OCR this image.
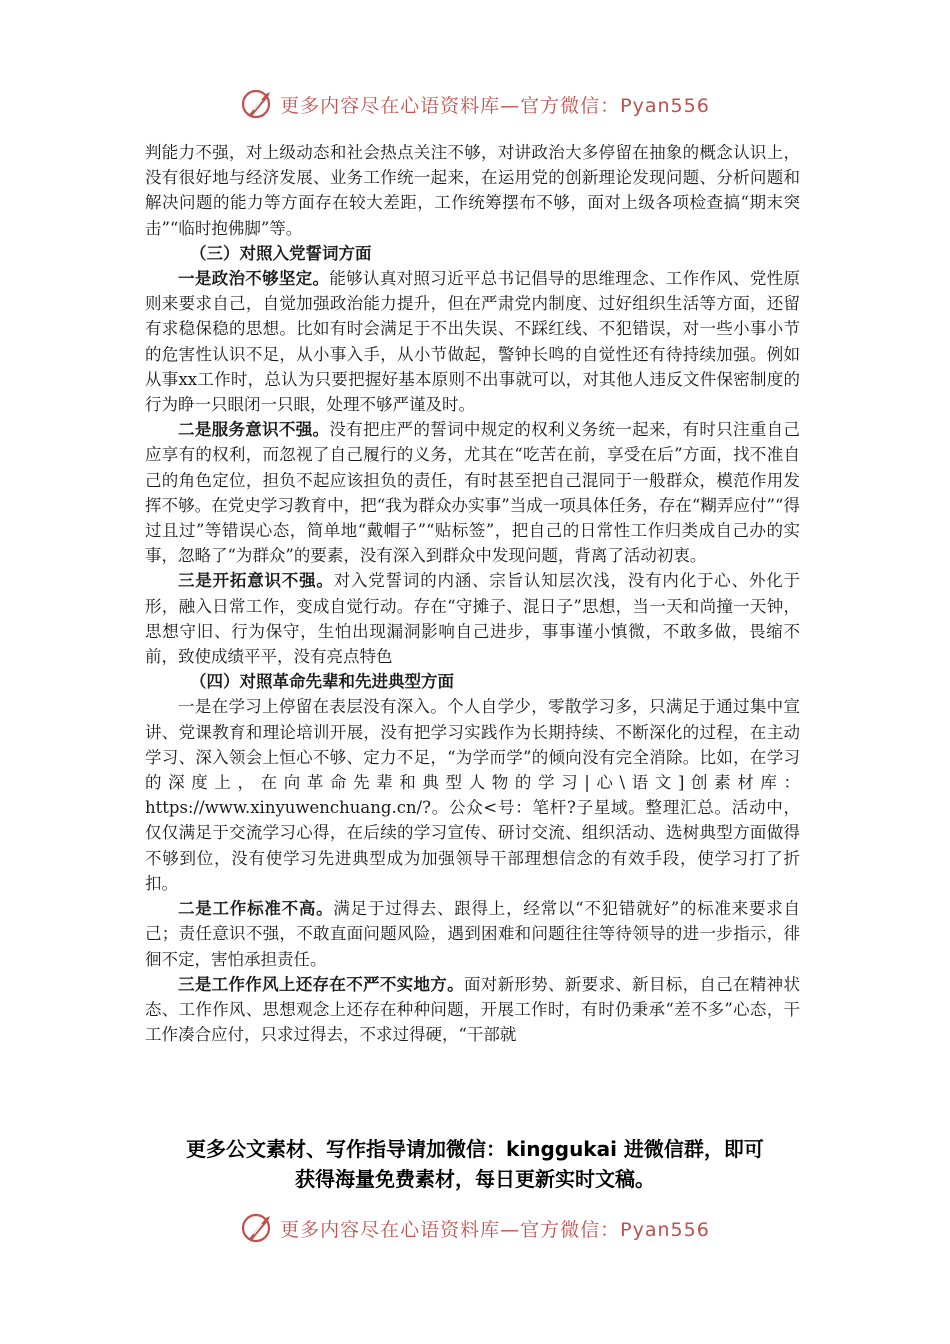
更多内容尽在心语资料库—官方微信：Pyan556

判能力不强，对上级动态和社会热点关注不够，对讲政治大多停留在抽象的概念认识上，没有很好地与经济发展、业务工作统一起来，在运用党的创新理论发现问题、分析问题和解决问题的能力等方面存在较大差距，工作统筹摆布不够，面对上级各项检查搞“期末突击”“临时抱佛脚”等。

（三）对照入党誓词方面

一是政治不够坚定。能够认真对照习近平总书记倡导的思维理念、工作作风、党性原则来要求自己，自觉加强政治能力提升，但在严肃党内制度、过好组织生活等方面，还留有求稳保稳的思想。比如有时会满足于不出失误、不踩红线、不犯错误，对一些小事小节的危害性认识不足，从小事入手，从小节做起，警钟长鸣的自觉性还有待持续加强。例如从事xx工作时，总认为只要把握好基本原则不出事就可以，对其他人违反文件保密制度的行为睁一只眼闭一只眼，处理不够严谨及时。

二是服务意识不强。没有把庄严的誓词中规定的权利义务统一起来，有时只注重自己应享有的权利，而忽视了自己履行的义务，尤其在“吃苦在前，享受在后”方面，找不准自己的角色定位，担负不起应该担负的责任，有时甚至把自己混同于一般群众，模范作用发挥不够。在党史学习教育中，把“我为群众办实事”当成一项具体任务，存在“糊弄应付”“得过且过”等错误心态，简单地“戴帽子”“贴标签”，把自己的日常性工作归类成自己办的实事，忽略了“为群众”的要素，没有深入到群众中发现问题，背离了活动初衷。

三是开拓意识不强。对入党誓词的内涵、宗旨认知层次浅，没有内化于心、外化于形，融入日常工作，变成自觉行动。存在“守摊子、混日子”思想，当一天和尚撞一天钟，思想守旧、行为保守，生怕出现漏洞影响自己进步，事事谨小慎微，不敢多做，畏缩不前，致使成绩平平，没有亮点特色

（四）对照革命先辈和先进典型方面

一是在学习上停留在表层没有深入。个人自学少，零散学习多，只满足于通过集中宣讲、党课教育和理论培训开展，没有把学习实践作为长期持续、不断深化的过程，在主动学习、深入领会上恒心不够、定力不足，“为学而学”的倾向没有完全消除。比如，在学习的深度上，在向革命先辈和典型人物的学习|心\语文]创素材库：https://www.xinyuwenchuang.cn/?。公众<号：笔杆?子星域。整理汇总。活动中，仅仅满足于交流学习心得，在后续的学习宣传、研讨交流、组织活动、选树典型方面做得不够到位，没有使学习先进典型成为加强领导干部理想信念的有效手段，使学习打了折扣。

二是工作标准不高。满足于过得去、跟得上，经常以“不犯错就好”的标准来要求自己；责任意识不强，不敢直面问题风险，遇到困难和问题往往等待领导的进一步指示，徘徊不定，害怕承担责任。

三是工作作风上还存在不严不实地方。面对新形势、新要求、新目标，自己在精神状态、工作作风、思想观念上还存在种种问题，开展工作时，有时仍秉承“差不多”心态，干工作凑合应付，只求过得去，不求过得硬，“干部就

更多公文素材、写作指导请加微信：kinggukai 进微信群，即可
获得海量免费素材，每日更新实时文稿。
更多内容尽在心语资料库—官方微信：Pyan556
